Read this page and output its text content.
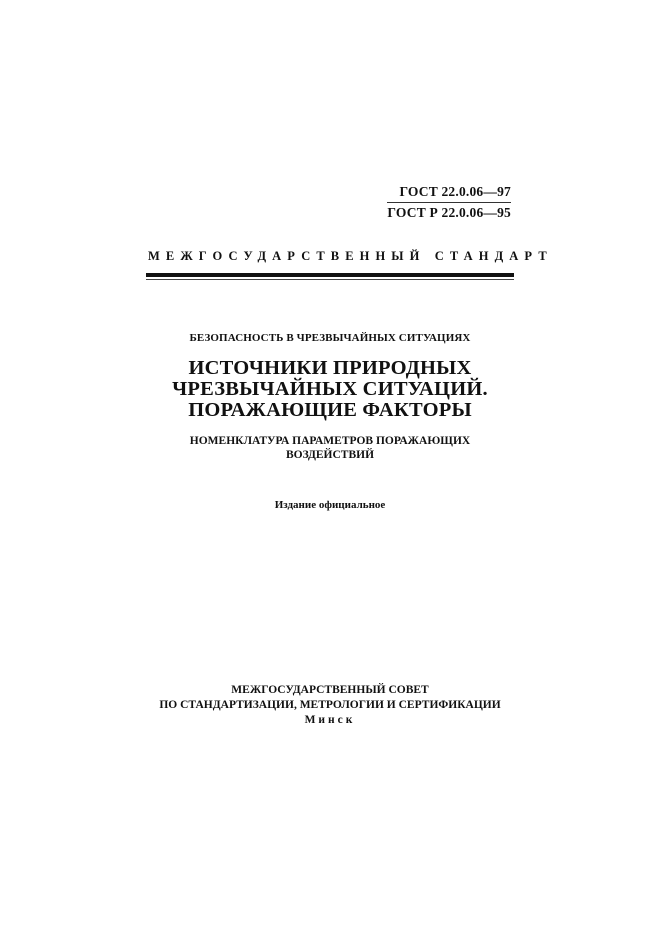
ГОСТ 22.0.06—97
ГОСТ Р 22.0.06—95
МЕЖГОСУДАРСТВЕННЫЙ СТАНДАРТ
БЕЗОПАСНОСТЬ В ЧРЕЗВЫЧАЙНЫХ СИТУАЦИЯХ
ИСТОЧНИКИ ПРИРОДНЫХ
ЧРЕЗВЫЧАЙНЫХ СИТУАЦИЙ.
ПОРАЖАЮЩИЕ ФАКТОРЫ
НОМЕНКЛАТУРА ПАРАМЕТРОВ ПОРАЖАЮЩИХ
ВОЗДЕЙСТВИЙ
Издание официальное
МЕЖГОСУДАРСТВЕННЫЙ СОВЕТ
ПО СТАНДАРТИЗАЦИИ, МЕТРОЛОГИИ И СЕРТИФИКАЦИИ
Минск
